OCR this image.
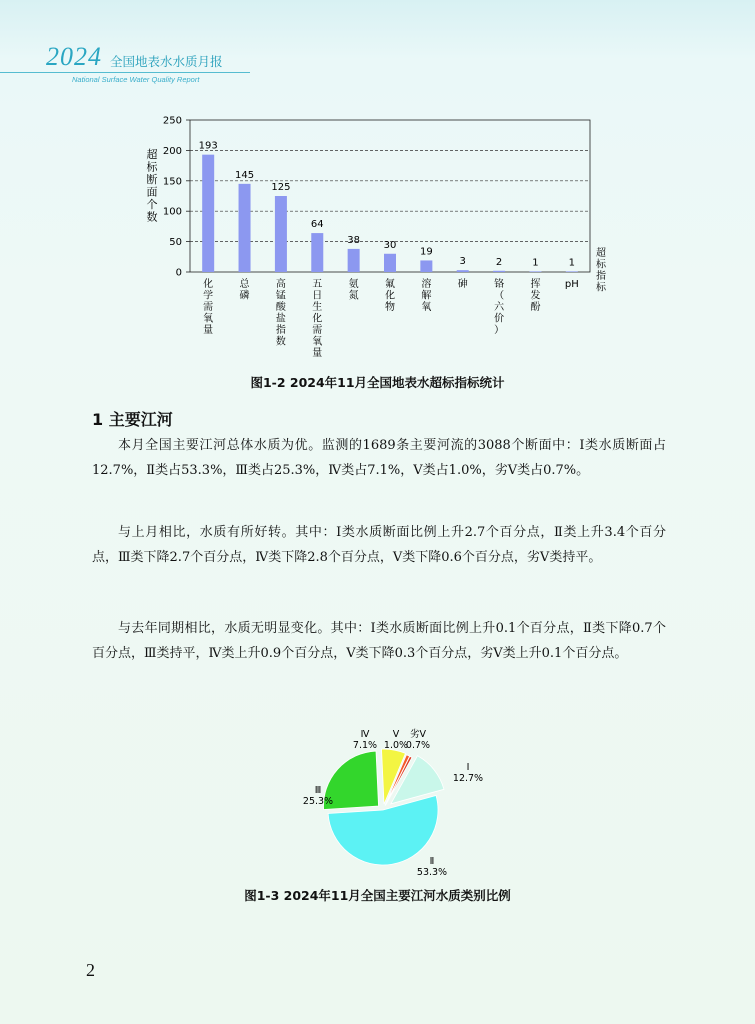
2024 全国地表水水质月报
National Surface Water Quality Report
0
50
100
150
200
250
超
标
断
面
个
数
超
标
指
标
193
化
学
需
氧
量
145
总
磷
125
高
锰
酸
盐
指
数
64
五
日
生
化
需
氧
量
38
氨
氮
30
氟
化
物
19
溶
解
氧
3
砷
2
铬
（
六
价
）
1
挥
发
酚
1
pH
图1-2 2024年11月全国地表水超标指标统计
1 主要江河

本月全国主要江河总体水质为优。监测的1689条主要河流的3088个断面中：Ⅰ类水质断面占12.7%，Ⅱ类占53.3%，Ⅲ类占25.3%，Ⅳ类占7.1%，Ⅴ类占1.0%，劣Ⅴ类占0.7%。

与上月相比，水质有所好转。其中：Ⅰ类水质断面比例上升2.7个百分点，Ⅱ类上升3.4个百分点，Ⅲ类下降2.7个百分点，Ⅳ类下降2.8个百分点，Ⅴ类下降0.6个百分点，劣Ⅴ类持平。

与去年同期相比，水质无明显变化。其中：Ⅰ类水质断面比例上升0.1个百分点，Ⅱ类下降0.7个百分点，Ⅲ类持平，Ⅳ类上升0.9个百分点，Ⅴ类下降0.3个百分点，劣Ⅴ类上升0.1个百分点。

Ⅰ
12.7%
Ⅱ
53.3%
Ⅲ
25.3%
Ⅳ
7.1%
Ⅴ
1.0%
劣Ⅴ
0.7%
图1-3 2024年11月全国主要江河水质类别比例
2
